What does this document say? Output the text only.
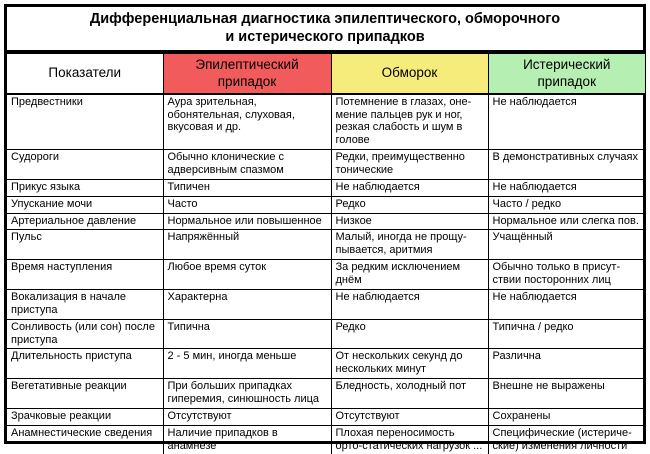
Дифференциальная диагностика эпилептического, обморочного
и истерического припадков
Показатели	Эпилептический припадок	Обморок	Истерический припадок
Предвестники	Аура зрительная, обонятельная, слуховая, вкусовая и др.	Потемнение в глазах, оне-мение пальцев рук и ног, резкая слабость и шум в голове	Не наблюдается
Судороги	Обычно клонические с адверсивным спазмом	Редки, преимущественно тонические	В демонстративных случаях
Прикус языка	Типичен	Не наблюдается	Не наблюдается
Упускание мочи	Часто	Редко	Часто / редко
Артериальное давление	Нормальное или повышенное	Низкое	Нормальное или слегка пов.
Пульс	Напряжённый	Малый, иногда не прощу-пывается, аритмия	Учащённый
Время наступления	Любое время суток	За редким исключением днём	Обычно только в присут-ствии посторонних лиц
Вокализация в начале приступа	Характерна	Не наблюдается	Не наблюдается
Сонливость (или сон) после приступа	Типична	Редко	Типична / редко
Длительность приступа	2 - 5 мин, иногда меньше	От нескольких секунд до нескольких минут	Различна
Вегетативные реакции	При больших припадках гиперемия, синюшность лица	Бледность, холодный пот	Внешне не выражены
Зрачковые реакции	Отсутствуют	Отсутствуют	Сохранены
Анамнестические сведения	Наличие припадков в анамнезе	Плохая переносимость орто-статических нагрузок ...	Специфические (истериче-ские) изменения личности
